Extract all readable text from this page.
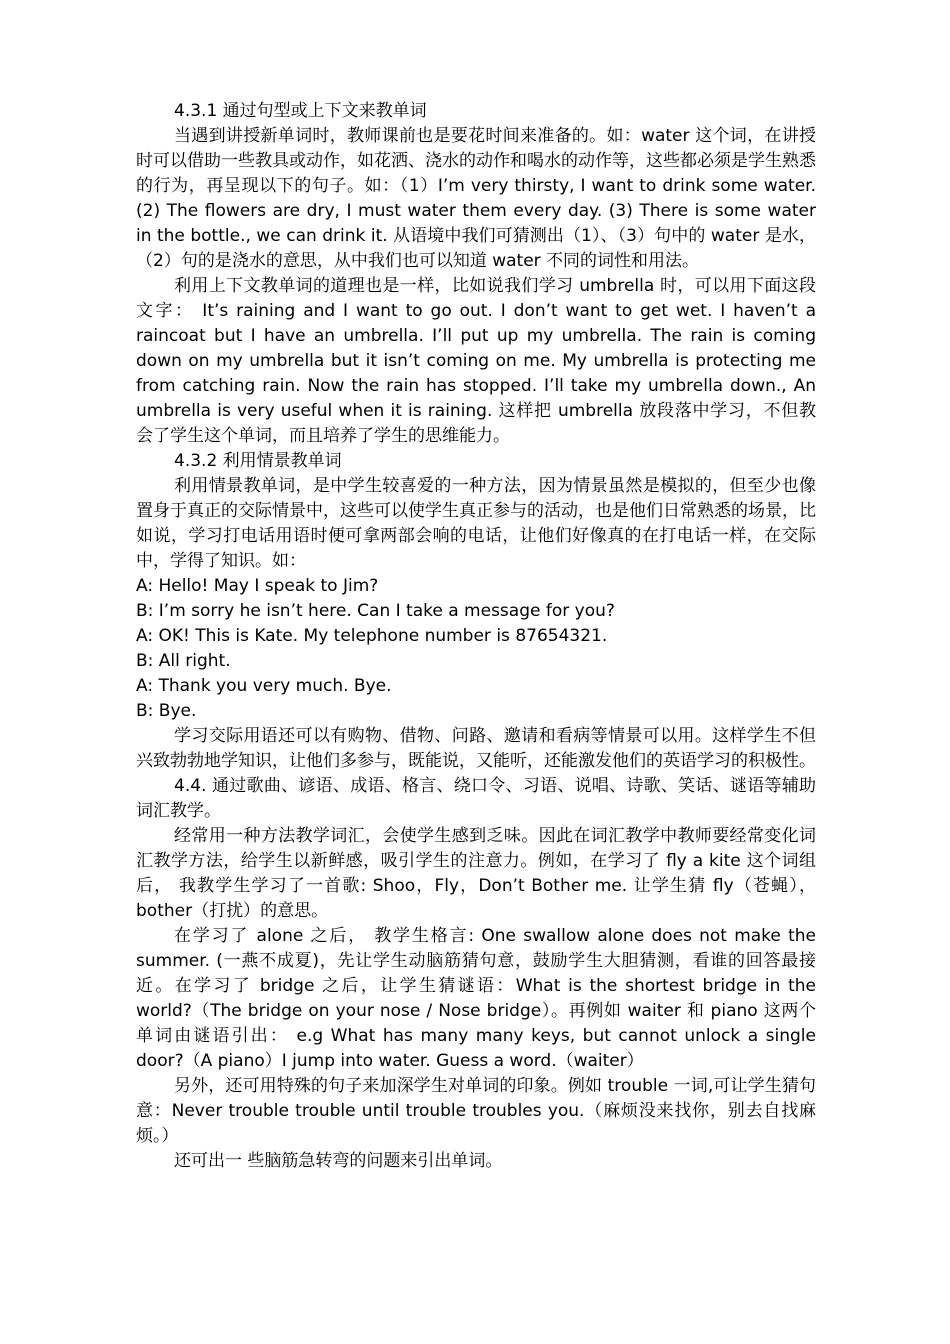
4.3.1 通过句型或上下文来教单词

当遇到讲授新单词时，教师课前也是要花时间来准备的。如：water 这个词，在讲授时可以借助一些教具或动作，如花洒、浇水的动作和喝水的动作等，这些都必须是学生熟悉的行为，再呈现以下的句子。如：（1）I’m very thirsty, I want to drink some water. (2) The flowers are dry, I must water them every day. (3) There is some water in the bottle., we can drink it. 从语境中我们可猜测出（1）、（3）句中的 water 是水，（2）句的是浇水的意思，从中我们也可以知道 water 不同的词性和用法。

利用上下文教单词的道理也是一样，比如说我们学习 umbrella 时，可以用下面这段文字： It’s raining and I want to go out. I don’t want to get wet. I haven’t a raincoat but I have an umbrella. I’ll put up my umbrella. The rain is coming down on my umbrella but it isn’t coming on me. My umbrella is protecting me from catching rain. Now the rain has stopped. I’ll take my umbrella down., An umbrella is very useful when it is raining. 这样把 umbrella 放段落中学习，不但教会了学生这个单词，而且培养了学生的思维能力。

4.3.2 利用情景教单词

利用情景教单词，是中学生较喜爱的一种方法，因为情景虽然是模拟的，但至少也像置身于真正的交际情景中，这些可以使学生真正参与的活动，也是他们日常熟悉的场景，比如说，学习打电话用语时便可拿两部会响的电话，让他们好像真的在打电话一样，在交际中，学得了知识。如：

A: Hello! May I speak to Jim?

B: I’m sorry he isn’t here. Can I take a message for you?

A: OK! This is Kate. My telephone number is 87654321.

B: All right.

A: Thank you very much. Bye.

B: Bye.

学习交际用语还可以有购物、借物、问路、邀请和看病等情景可以用。这样学生不但兴致勃勃地学知识，让他们多参与，既能说，又能听，还能激发他们的英语学习的积极性。

4.4. 通过歌曲、谚语、成语、格言、绕口令、习语、说唱、诗歌、笑话、谜语等辅助词汇教学。

经常用一种方法教学词汇，会使学生感到乏味。因此在词汇教学中教师要经常变化词汇教学方法，给学生以新鲜感，吸引学生的注意力。例如，在学习了 fly a kite 这个词组后， 我教学生学习了一首歌: Shoo，Fly，Don’t Bother me. 让学生猜 fly（苍蝇），bother（打扰）的意思。

在学习了 alone 之后， 教学生格言: One swallow alone does not make the summer. (一燕不成夏)，先让学生动脑筋猜句意，鼓励学生大胆猜测，看谁的回答最接近。在学习了 bridge 之后，让学生猜谜语：What is the shortest bridge in the world?（The bridge on your nose / Nose bridge）。再例如 waiter 和 piano 这两个单词由谜语引出： e.g What has many many keys, but cannot unlock a single door?（A piano）I jump into water. Guess a word.（waiter）

另外，还可用特殊的句子来加深学生对单词的印象。例如 trouble 一词,可让学生猜句意：Never trouble trouble until trouble troubles you.（麻烦没来找你，别去自找麻烦。）

还可出一 些脑筋急转弯的问题来引出单词。
